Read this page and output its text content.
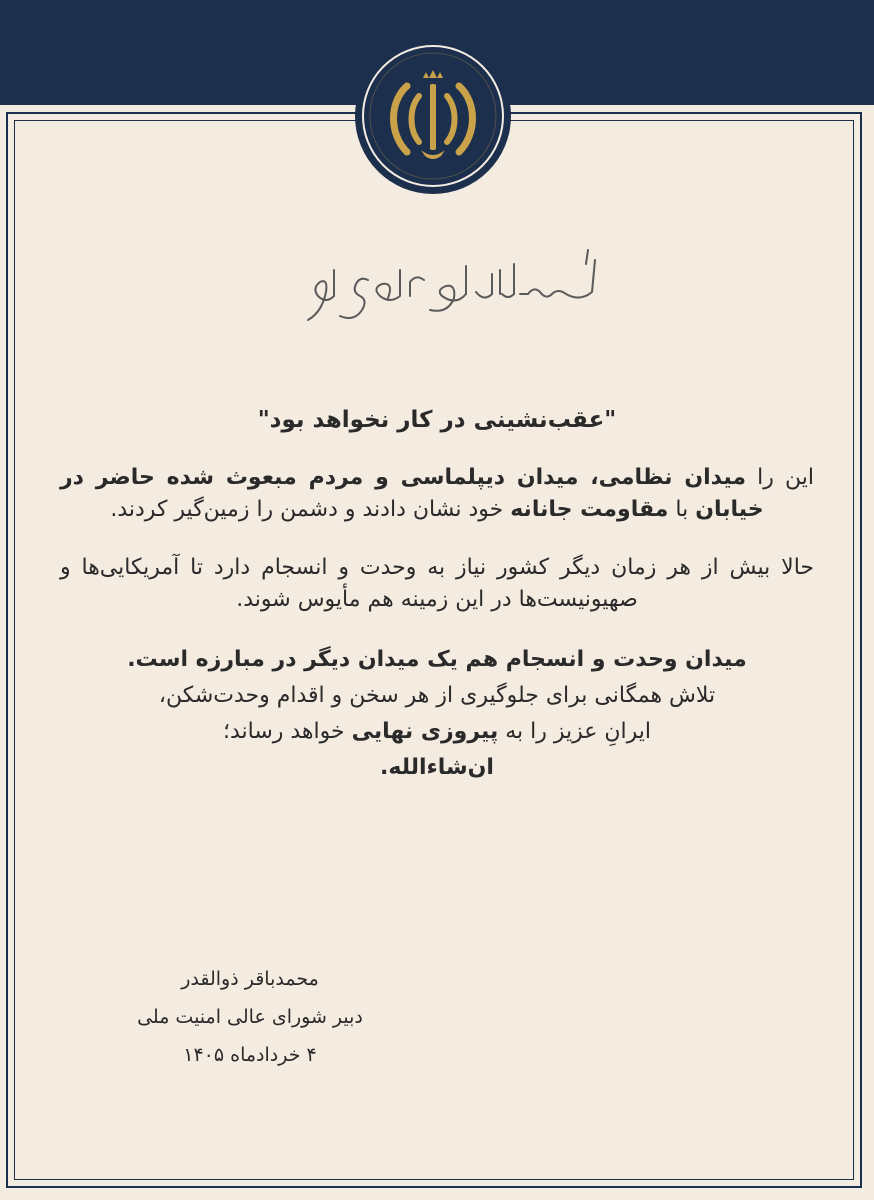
"عقب‌نشینی در کار نخواهد بود"

این را میدان نظامی، میدان دیپلماسی و مردم مبعوث شده حاضر در خیابان با مقاومت جانانه خود نشان دادند و دشمن را زمین‌گیر کردند.

حالا بیش از هر زمان دیگر کشور نیاز به وحدت و انسجام دارد تا آمریکایی‌ها و صهیونیست‌ها در این زمینه هم مأیوس شوند.

میدان وحدت و انسجام هم یک میدان دیگر در مبارزه است.

تلاش همگانی برای جلوگیری از هر سخن و اقدام وحدت‌شکن،

ایرانِ عزیز را به پیروزی نهایی خواهد رساند؛

ان‌شاءالله.

محمدباقر ذوالقدر
دبیر شورای عالی امنیت ملی
۴ خردادماه ۱۴۰۵
